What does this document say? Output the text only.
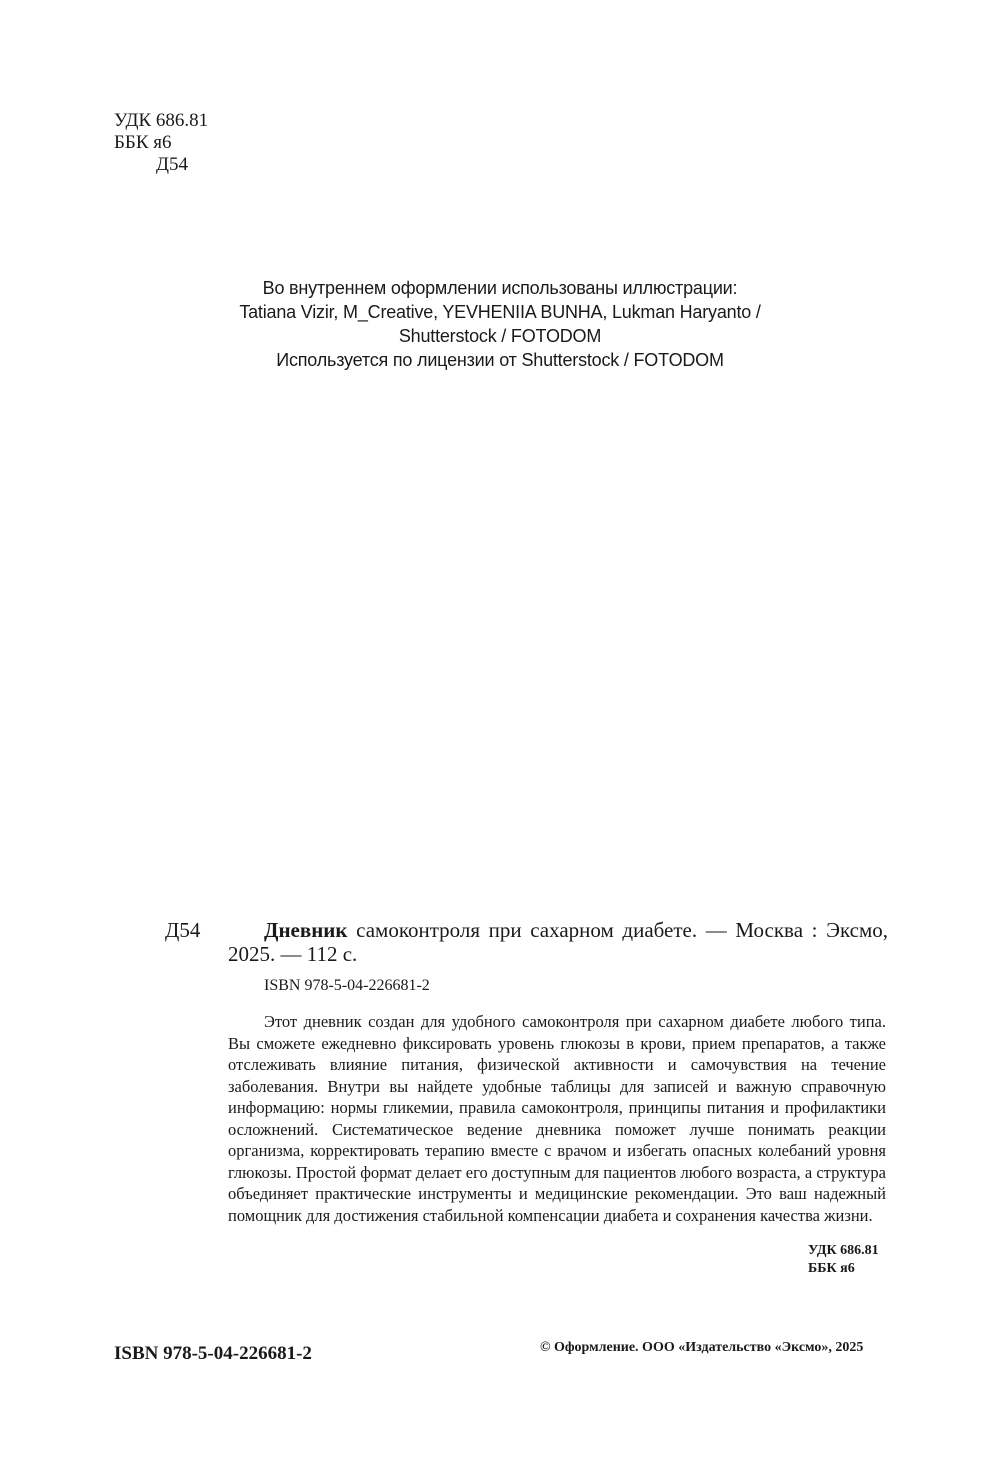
УДК 686.81
ББК я6
Д54
Во внутреннем оформлении использованы иллюстрации:
Tatiana Vizir, M_Creative, YEVHENIIA BUNHA, Lukman Haryanto /
Shutterstock / FOTODOM
Используется по лицензии от Shutterstock / FOTODOM
Д54	Дневник самоконтроля при сахарном диабете. — Москва : Эксмо, 2025. — 112 с.
ISBN 978-5-04-226681-2
Этот дневник создан для удобного самоконтроля при сахарном диабете любого типа. Вы сможете ежедневно фиксировать уровень глюкозы в крови, прием препаратов, а также отслеживать влияние питания, физической активности и самочувствия на течение заболевания. Внутри вы найдете удобные таблицы для записей и важную справочную информацию: нормы гликемии, правила самоконтроля, принципы питания и профилактики осложнений. Систематическое ведение дневника поможет лучше понимать реакции организма, корректировать терапию вместе с врачом и избегать опасных колебаний уровня глюкозы. Простой формат делает его доступным для пациентов любого возраста, а структура объединяет практические инструменты и медицинские рекомендации. Это ваш надежный помощник для достижения стабильной компенсации диабета и сохранения качества жизни.
УДК 686.81
ББК я6
ISBN 978-5-04-226681-2	© Оформление. ООО «Издательство «Эксмо», 2025
